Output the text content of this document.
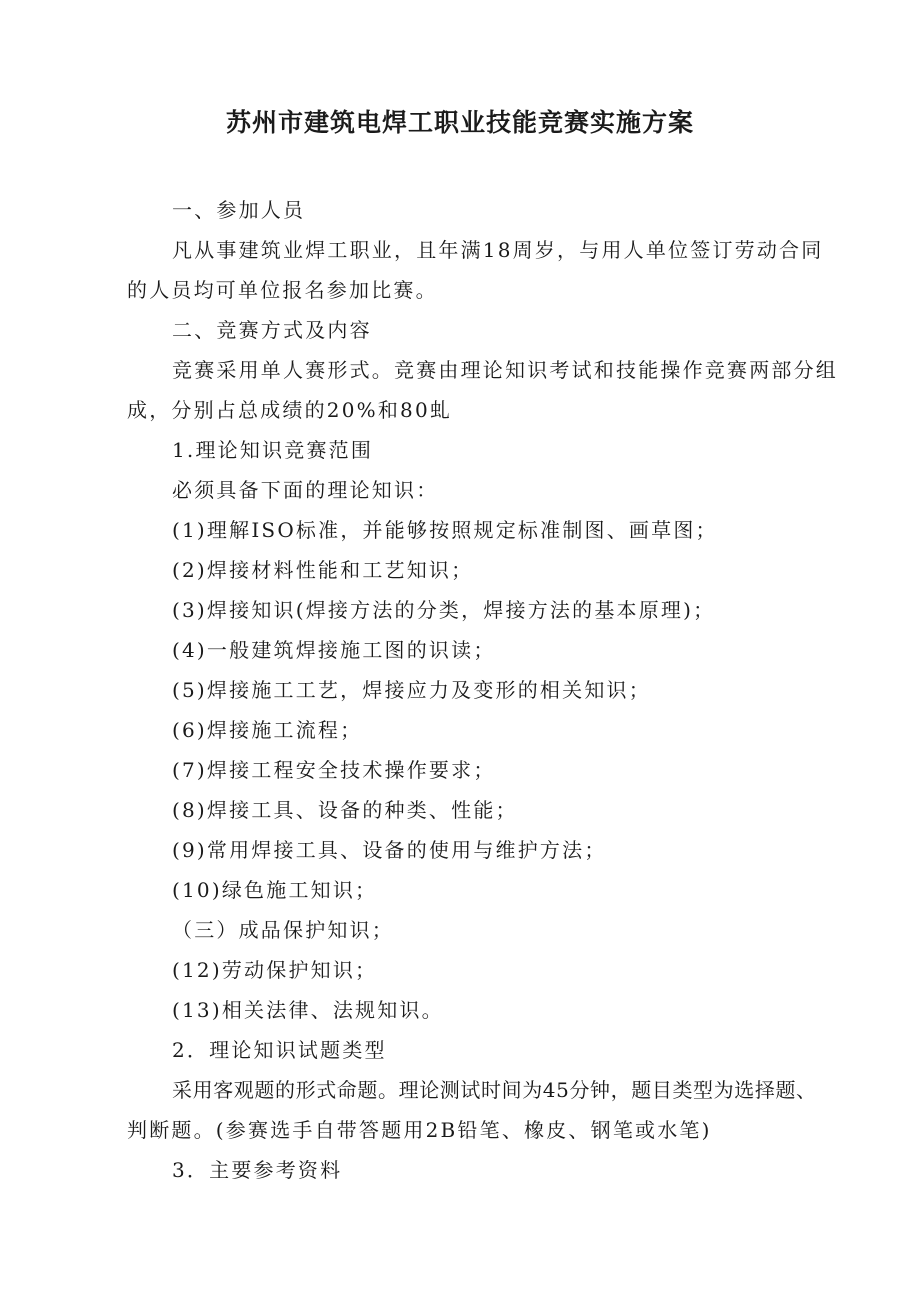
苏州市建筑电焊工职业技能竞赛实施方案
一、参加人员
凡从事建筑业焊工职业，且年满18周岁，与用人单位签订劳动合同
的人员均可单位报名参加比赛。
二、竞赛方式及内容
竞赛采用单人赛形式。竞赛由理论知识考试和技能操作竞赛两部分组
成，分别占总成绩的20%和80虬
1.理论知识竞赛范围
必须具备下面的理论知识：
(1)理解ISO标准，并能够按照规定标准制图、画草图；
(2)焊接材料性能和工艺知识；
(3)焊接知识(焊接方法的分类，焊接方法的基本原理)；
(4)一般建筑焊接施工图的识读；
(5)焊接施工工艺，焊接应力及变形的相关知识；
(6)焊接施工流程；
(7)焊接工程安全技术操作要求；
(8)焊接工具、设备的种类、性能；
(9)常用焊接工具、设备的使用与维护方法；
(10)绿色施工知识；
（三）成品保护知识；
(12)劳动保护知识；
(13)相关法律、法规知识。
2．理论知识试题类型
采用客观题的形式命题。理论测试时间为45分钟，题目类型为选择题、
判断题。(参赛选手自带答题用2B铅笔、橡皮、钢笔或水笔)
3．主要参考资料
